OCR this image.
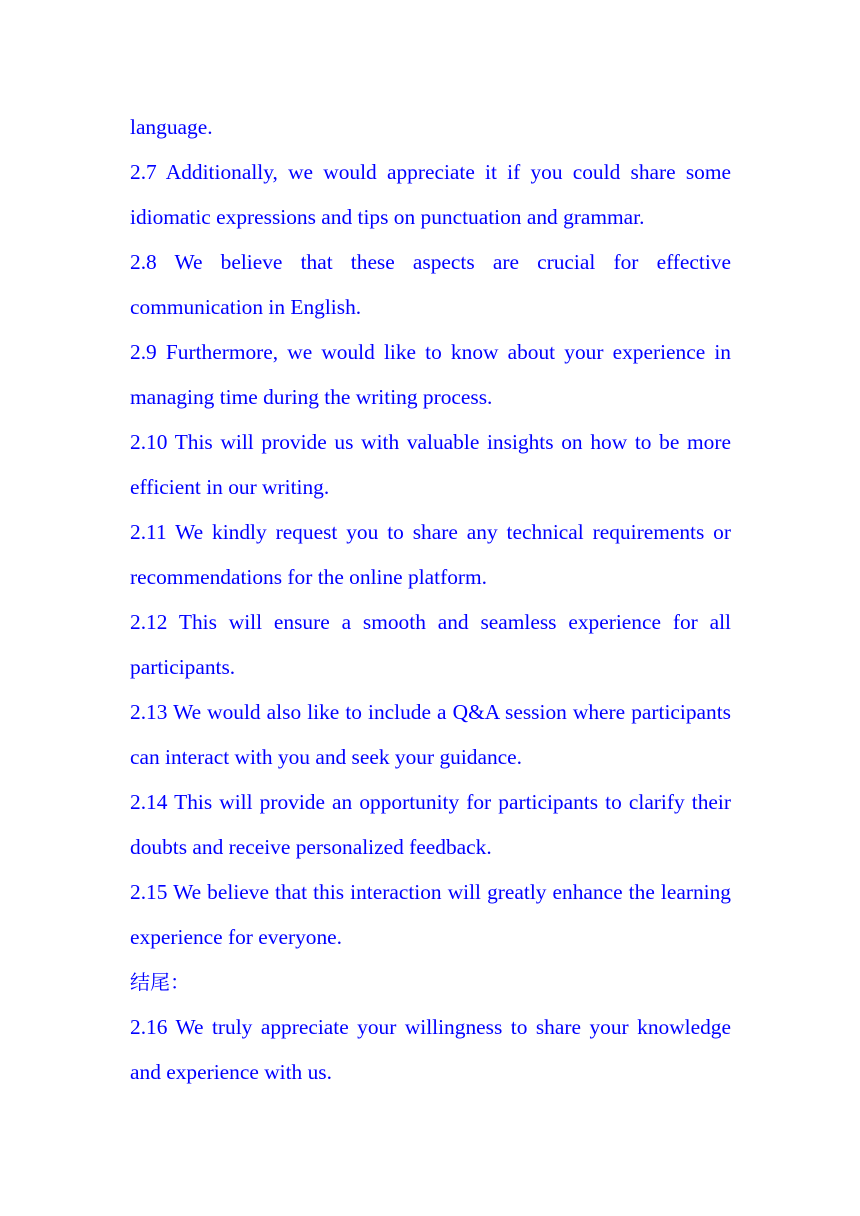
language.

2.7 Additionally, we would appreciate it if you could share some idiomatic expressions and tips on punctuation and grammar.

2.8 We believe that these aspects are crucial for effective communication in English.

2.9 Furthermore, we would like to know about your experience in managing time during the writing process.

2.10 This will provide us with valuable insights on how to be more efficient in our writing.

2.11 We kindly request you to share any technical requirements or recommendations for the online platform.

2.12 This will ensure a smooth and seamless experience for all participants.

2.13 We would also like to include a Q&A session where participants can interact with you and seek your guidance.

2.14 This will provide an opportunity for participants to clarify their doubts and receive personalized feedback.

2.15 We believe that this interaction will greatly enhance the learning experience for everyone.

结尾：

2.16 We truly appreciate your willingness to share your knowledge and experience with us.
